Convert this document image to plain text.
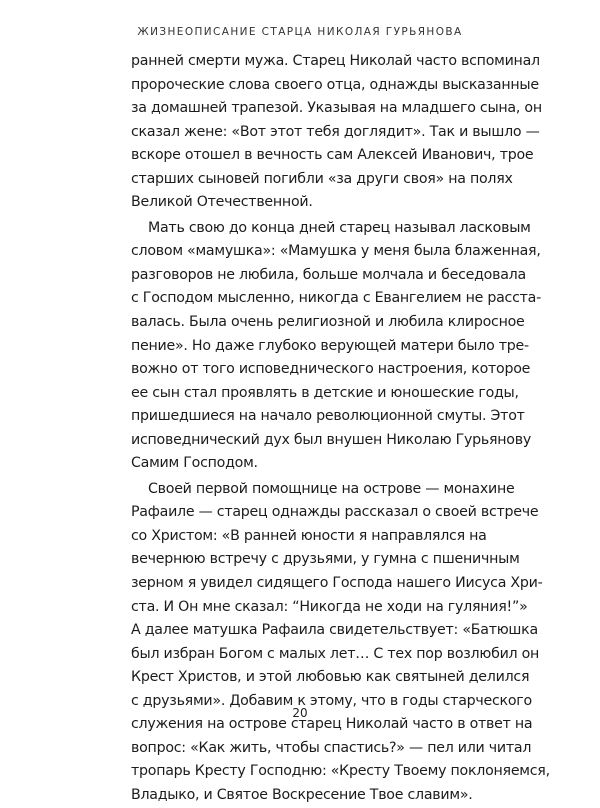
ЖИЗНЕОПИСАНИЕ СТАРЦА НИКОЛАЯ ГУРЬЯНОВА
ранней смерти мужа. Старец Николай часто вспоминал
пророческие слова своего отца, однажды высказанные
за домашней трапезой. Указывая на младшего сына, он
сказал жене: «Вот этот тебя доглядит». Так и вышло —
вскоре отошел в вечность сам Алексей Иванович, трое
старших сыновей погибли «за други своя» на полях
Великой Отечественной.
Мать свою до конца дней старец называл ласковым
словом «мамушка»: «Мамушка у меня была блаженная,
разговоров не любила, больше молчала и беседовала
с Господом мысленно, никогда с Евангелием не расста-
валась. Была очень религиозной и любила клиросное
пение». Но даже глубоко верующей матери было тре-
вожно от того исповеднического настроения, которое
ее сын стал проявлять в детские и юношеские годы,
пришедшиеся на начало революционной смуты. Этот
исповеднический дух был внушен Николаю Гурьянову
Самим Господом.
Своей первой помощнице на острове — монахине
Рафаиле — старец однажды рассказал о своей встрече
со Христом: «В ранней юности я направлялся на
вечернюю встречу с друзьями, у гумна с пшеничным
зерном я увидел сидящего Господа нашего Иисуса Хри-
ста. И Он мне сказал: “Никогда не ходи на гуляния!”»
А далее матушка Рафаила свидетельствует: «Батюшка
был избран Богом с малых лет… С тех пор возлюбил он
Крест Христов, и этой любовью как святыней делился
с друзьями». Добавим к этому, что в годы старческого
служения на острове старец Николай часто в ответ на
вопрос: «Как жить, чтобы спастись?» — пел или читал
тропарь Кресту Господню: «Кресту Твоему поклоняемся,
Владыко, и Святое Воскресение Твое славим».
20
